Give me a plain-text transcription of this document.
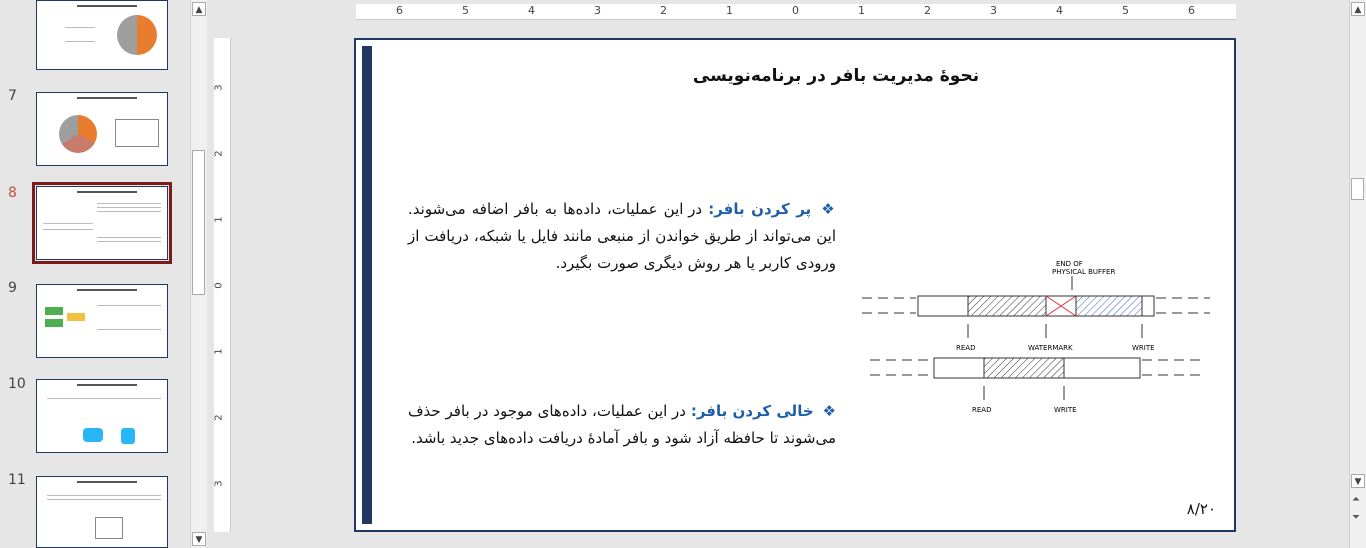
7
8
9
10
11
▲
▼
6	5	4	3	2	1	0	1	2	3	4	5	6
3
2
1
0
1
2
3
نحوهٔ مدیریت بافر در برنامه‌نویسی
❖ پر کردن بافر: در این عملیات، داده‌ها به بافر اضافه می‌شوند. این می‌تواند از طریق خواندن از منبعی مانند فایل یا شبکه، دریافت از ورودی کاربر یا هر روش دیگری صورت بگیرد.
❖ خالی کردن بافر: در این عملیات، داده‌های موجود در بافر حذف می‌شوند تا حافظه آزاد شود و بافر آمادهٔ دریافت داده‌های جدید باشد.
END OF
PHYSICAL BUFFER
READ	WATERMARK	WRITE
READ	WRITE
۸/۲۰
▲
▼
⏶
⏷
